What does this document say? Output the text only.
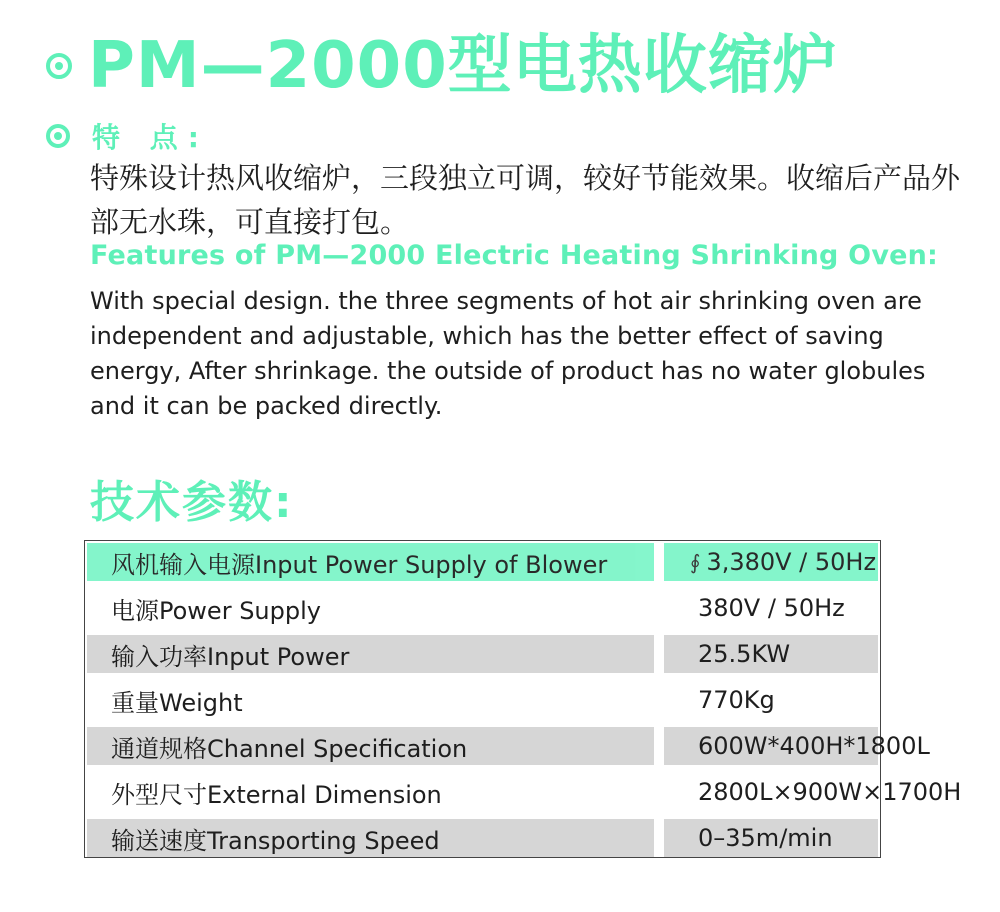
PM—2000型电热收缩炉
特 点:
特殊设计热风收缩炉，三段独立可调，较好节能效果。收缩后产品外部无水珠，可直接打包。
Features of PM—2000 Electric Heating Shrinking Oven:
With special design. the three segments of hot air shrinking oven are independent and adjustable, which has the better effect of saving energy, After shrinkage. the outside of product has no water globules and it can be packed directly.
技术参数:
风机输入电源Input Power Supply of Blower	∮ 3,380V / 50Hz
电源Power Supply	380V / 50Hz
输入功率Input Power	25.5KW
重量Weight	770Kg
通道规格Channel Specification	600W*400H*1800L
外型尺寸External Dimension	2800L×900W×1700H
输送速度Transporting Speed	0–35m/min
